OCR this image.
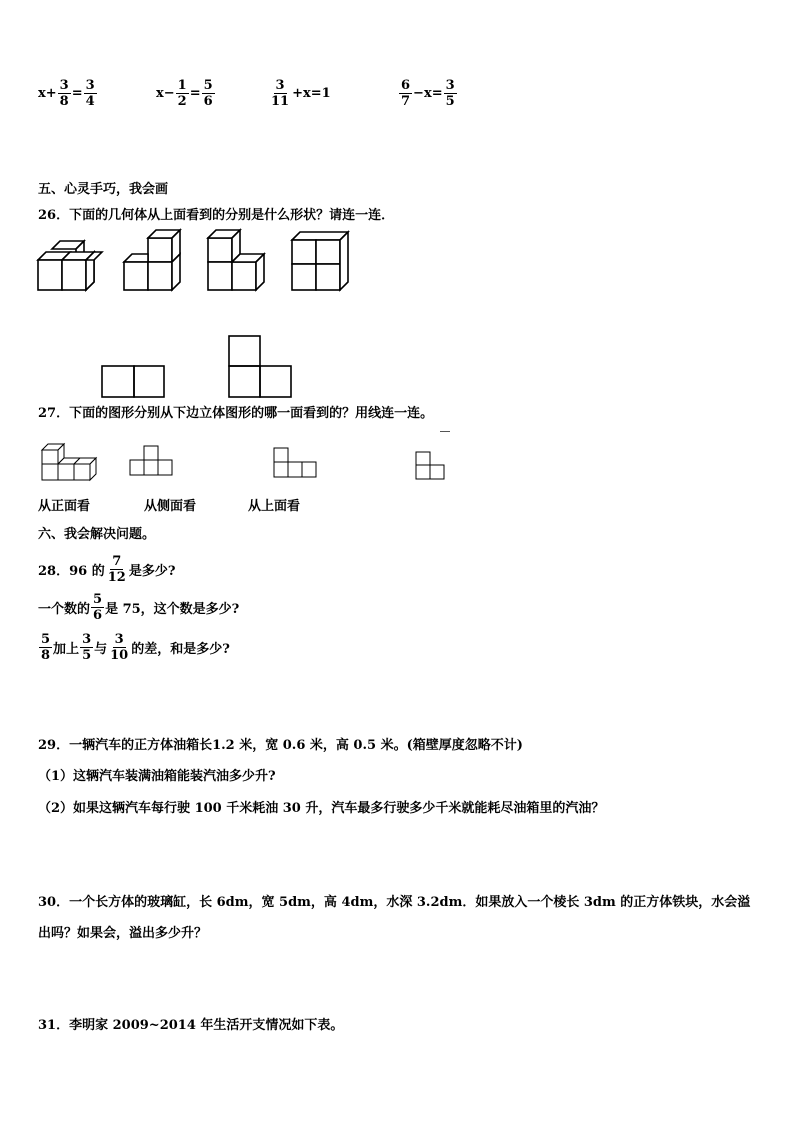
$x+ \frac{3}{8} = \frac{3}{4}$	$x- \frac{1}{2} = \frac{5}{6}$	$\frac{3}{11} +x=1$	$\frac{6}{7} -x= \frac{3}{5}$
五、心灵手巧，我会画
26．下面的几何体从上面看到的分别是什么形状？请连一连．
27．下面的图形分别从下边立体图形的哪一面看到的？用线连一连。
从正面看	从侧面看	从上面看
六、我会解决问题。
28．96 的 $\frac{7}{12}$ 是多少?
一个数的 $\frac{5}{6}$ 是 75，这个数是多少?
$\frac{5}{8}$ 加上 $\frac{3}{5}$ 与 $\frac{3}{10}$ 的差，和是多少?
29．一辆汽车的正方体油箱长1.2 米，宽 0.6 米，高 0.5 米。(箱壁厚度忽略不计)
（1）这辆汽车装满油箱能装汽油多少升?
（2）如果这辆汽车每行驶 100 千米耗油 30 升，汽车最多行驶多少千米就能耗尽油箱里的汽油？
30．一个长方体的玻璃缸，长 6dm，宽 5dm，高 4dm，水深 3.2dm．如果放入一个棱长 3dm 的正方体铁块，水会溢
出吗？如果会，溢出多少升？
31．李明家 2009~2014 年生活开支情况如下表。
